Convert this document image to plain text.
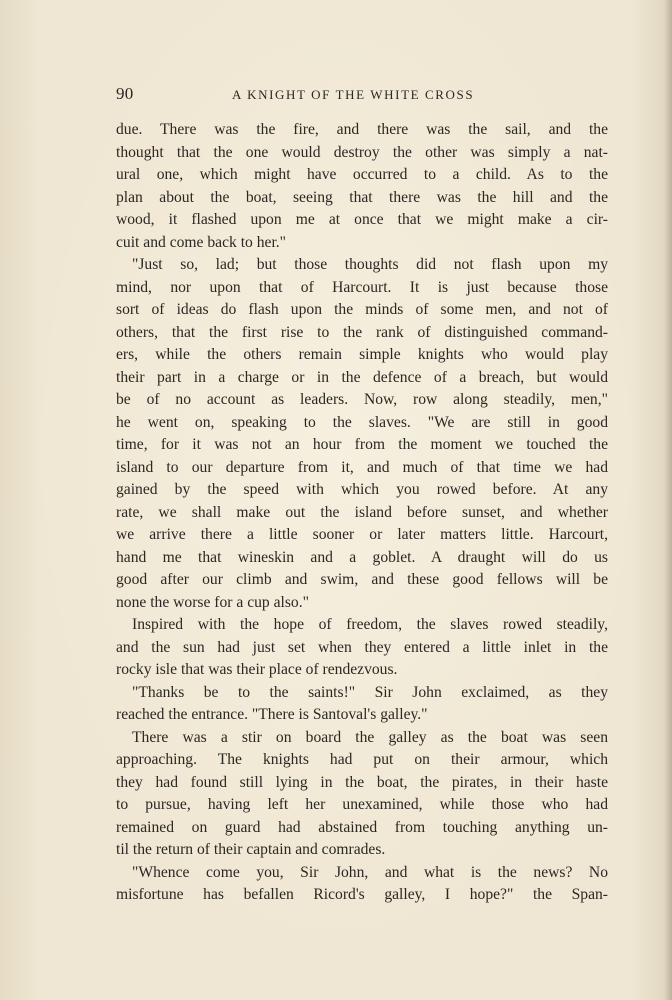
90	A KNIGHT OF THE WHITE CROSS
due. There was the fire, and there was the sail, and the
thought that the one would destroy the other was simply a nat-
ural one, which might have occurred to a child. As to the
plan about the boat, seeing that there was the hill and the
wood, it flashed upon me at once that we might make a cir-
cuit and come back to her."
"Just so, lad; but those thoughts did not flash upon my
mind, nor upon that of Harcourt. It is just because those
sort of ideas do flash upon the minds of some men, and not of
others, that the first rise to the rank of distinguished command-
ers, while the others remain simple knights who would play
their part in a charge or in the defence of a breach, but would
be of no account as leaders. Now, row along steadily, men,"
he went on, speaking to the slaves. "We are still in good
time, for it was not an hour from the moment we touched the
island to our departure from it, and much of that time we had
gained by the speed with which you rowed before. At any
rate, we shall make out the island before sunset, and whether
we arrive there a little sooner or later matters little. Harcourt,
hand me that wineskin and a goblet. A draught will do us
good after our climb and swim, and these good fellows will be
none the worse for a cup also."
Inspired with the hope of freedom, the slaves rowed steadily,
and the sun had just set when they entered a little inlet in the
rocky isle that was their place of rendezvous.
"Thanks be to the saints!" Sir John exclaimed, as they
reached the entrance. "There is Santoval's galley."
There was a stir on board the galley as the boat was seen
approaching. The knights had put on their armour, which
they had found still lying in the boat, the pirates, in their haste
to pursue, having left her unexamined, while those who had
remained on guard had abstained from touching anything un-
til the return of their captain and comrades.
"Whence come you, Sir John, and what is the news? No
misfortune has befallen Ricord's galley, I hope?" the Span-
